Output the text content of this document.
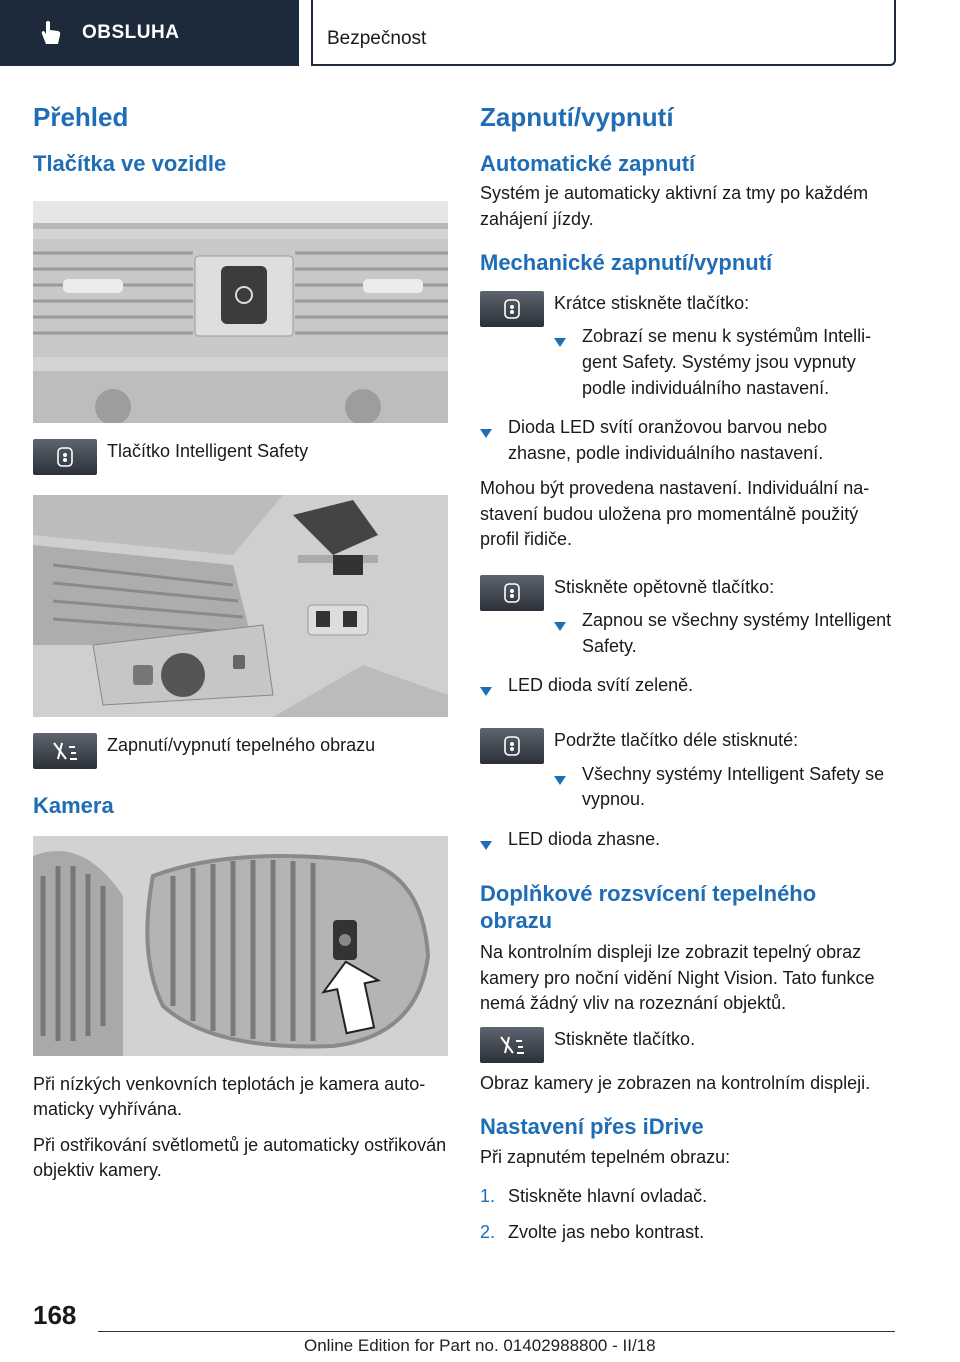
OBSLUHA	Bezpečnost
Přehled
Tlačítka ve vozidle
Tlačítko Intelligent Safety
Zapnutí/vypnutí tepelného obrazu
Kamera

Při nízkých venkovních teplotách je kamera automaticky vyhřívána.

Při ostřikování světlometů je automaticky ostřikován objektiv kamery.

Zapnutí/vypnutí
Automatické zapnutí

Systém je automaticky aktivní za tmy po každém zahájení jízdy.

Mechanické zapnutí/vypnutí
Krátce stiskněte tlačítko:
Zobrazí se menu k systémům Intelligent Safety. Systémy jsou vypnuty podle individuálního nastavení.
Dioda LED svítí oranžovou barvou nebo zhasne, podle individuálního nastavení.

Mohou být provedena nastavení. Individuální nastavení budou uložena pro momentálně použitý profil řidiče.

Stiskněte opětovně tlačítko:
Zapnou se všechny systémy Intelligent Safety.
LED dioda svítí zeleně.
Podržte tlačítko déle stisknuté:
Všechny systémy Intelligent Safety se vypnou.
LED dioda zhasne.
Doplňkové rozsvícení tepelného obrazu

Na kontrolním displeji lze zobrazit tepelný obraz kamery pro noční vidění Night Vision. Tato funkce nemá žádný vliv na rozeznání objektů.

Stiskněte tlačítko.

Obraz kamery je zobrazen na kontrolním displeji.

Nastavení přes iDrive

Při zapnutém tepelném obrazu:

1. Stiskněte hlavní ovladač.
2. Zvolte jas nebo kontrast.
168
Online Edition for Part no. 01402988800 - II/18
